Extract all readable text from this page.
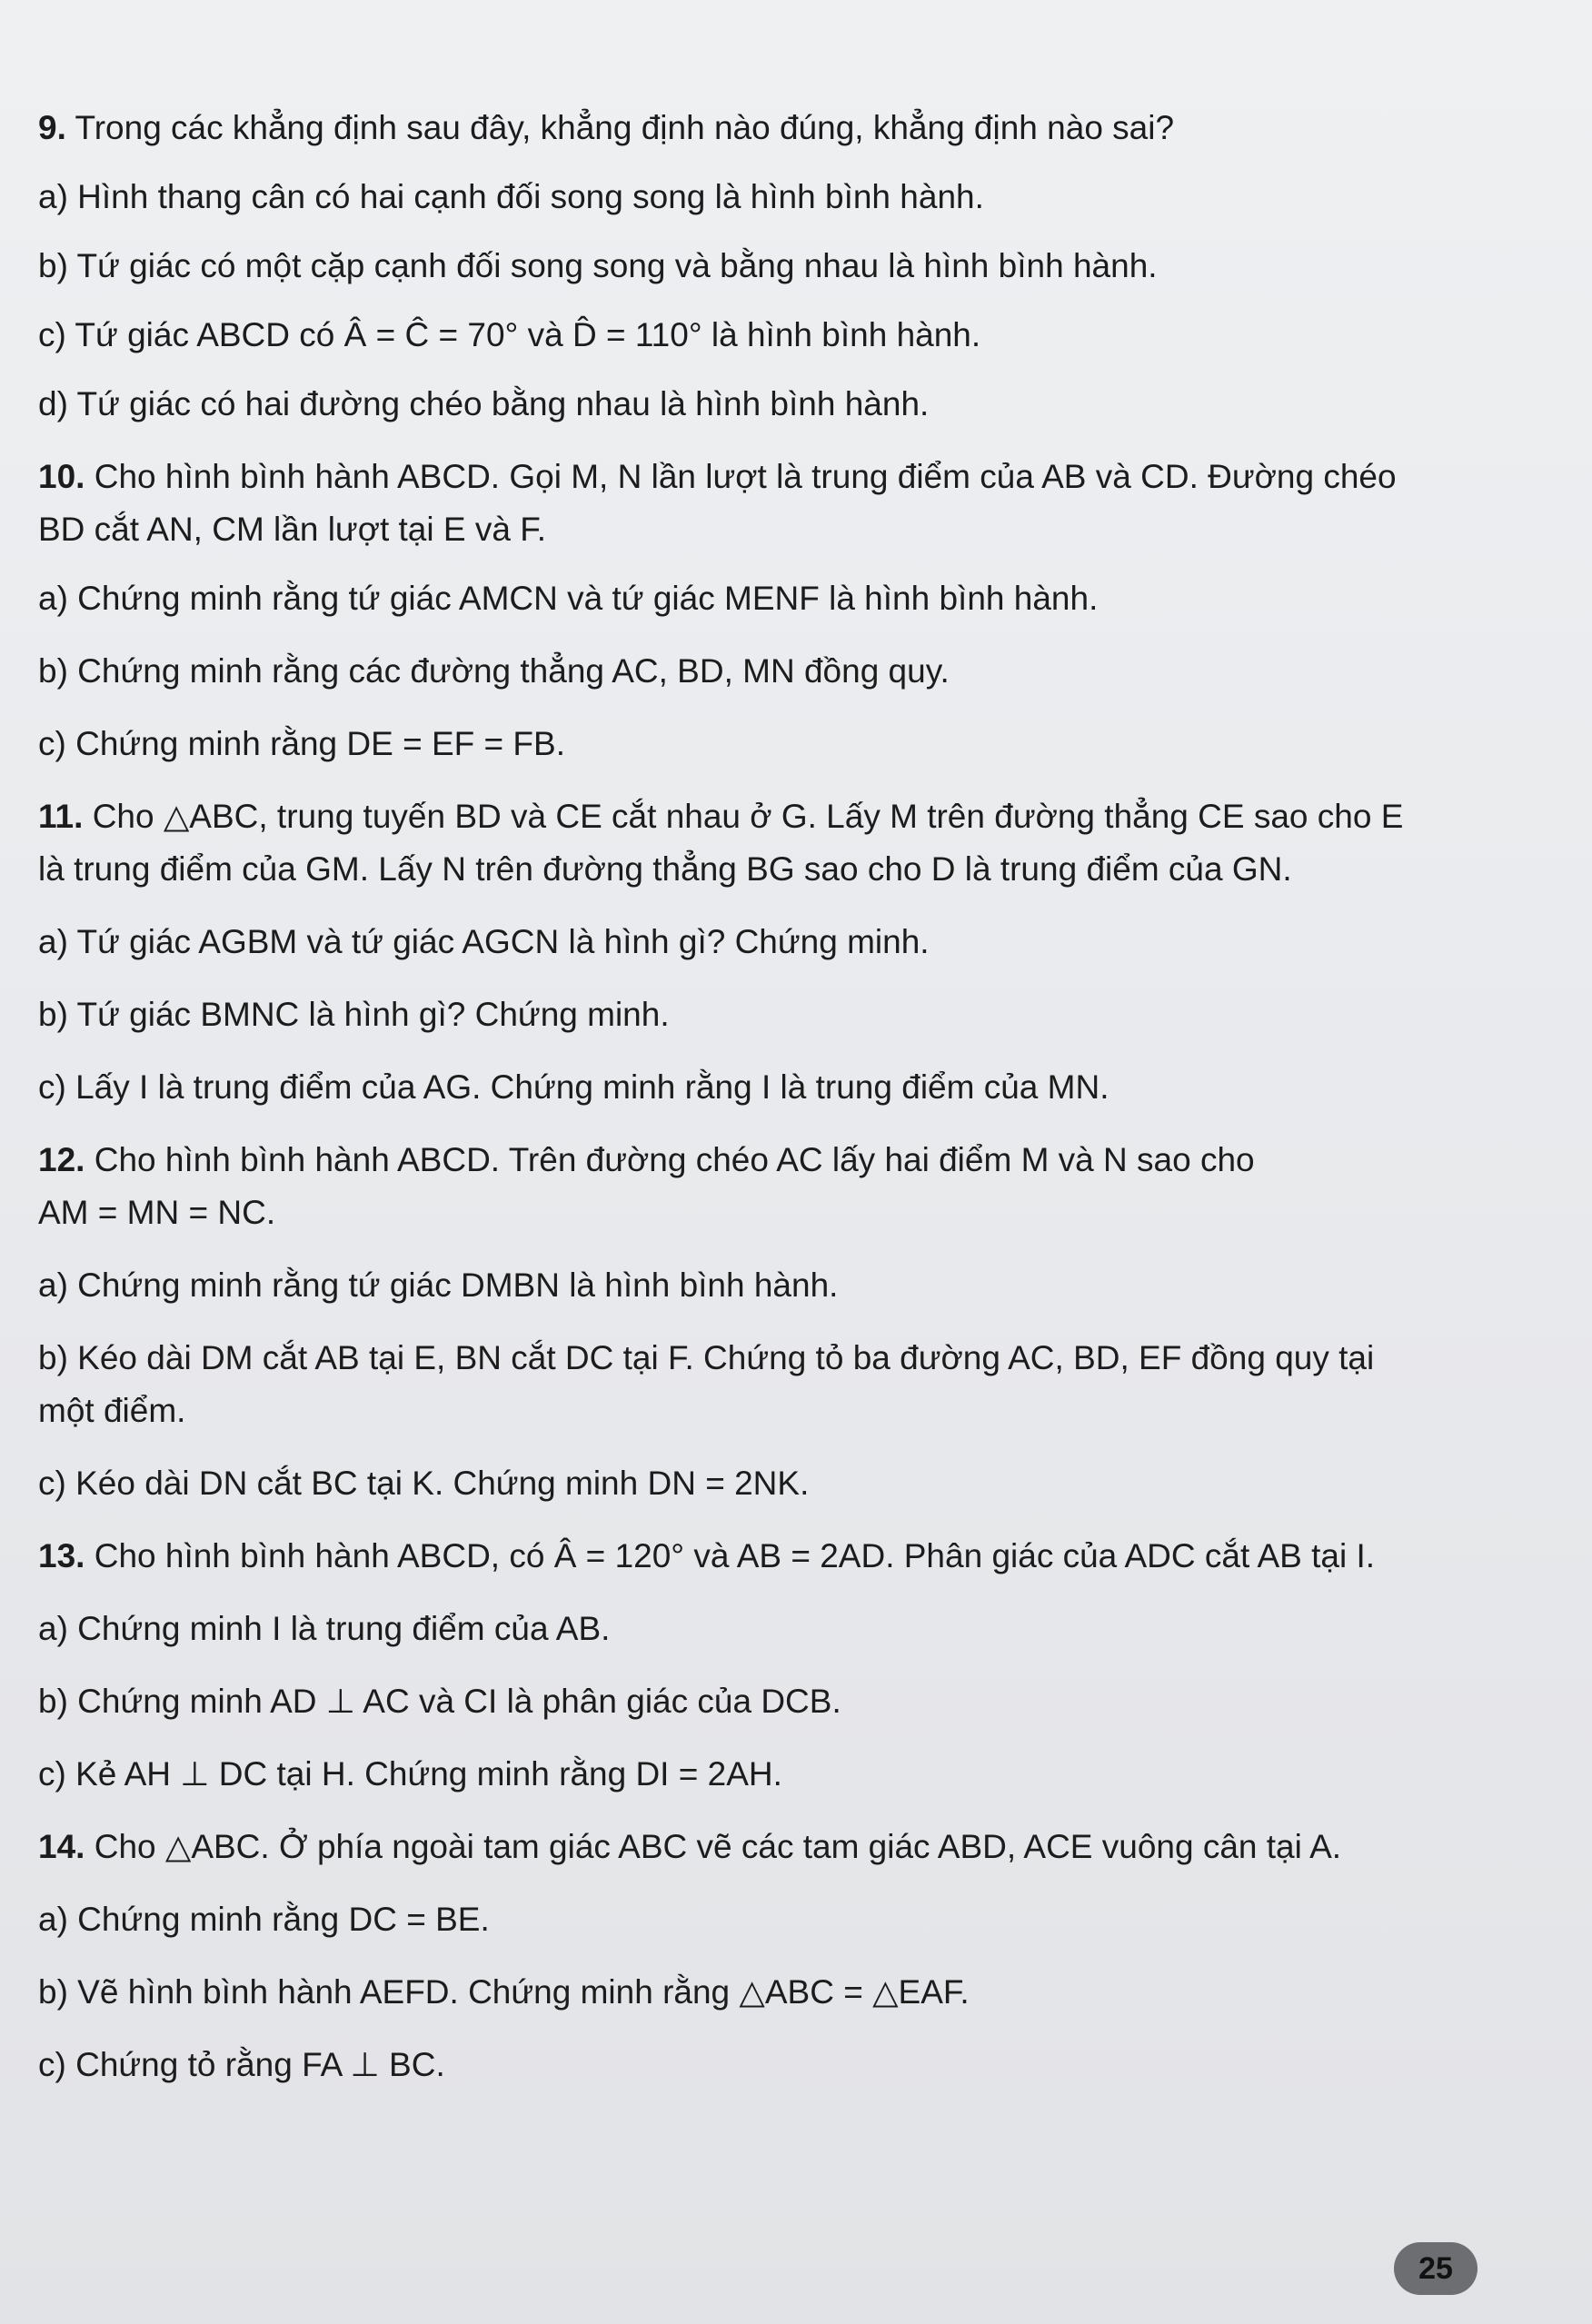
9. Trong các khẳng định sau đây, khẳng định nào đúng, khẳng định nào sai?

a) Hình thang cân có hai cạnh đối song song là hình bình hành.

b) Tứ giác có một cặp cạnh đối song song và bằng nhau là hình bình hành.

c) Tứ giác ABCD có Â = Ĉ = 70° và D̂ = 110° là hình bình hành.

d) Tứ giác có hai đường chéo bằng nhau là hình bình hành.

10. Cho hình bình hành ABCD. Gọi M, N lần lượt là trung điểm của AB và CD. Đường chéo

BD cắt AN, CM lần lượt tại E và F.

a) Chứng minh rằng tứ giác AMCN và tứ giác MENF là hình bình hành.

b) Chứng minh rằng các đường thẳng AC, BD, MN đồng quy.

c) Chứng minh rằng DE = EF = FB.

11. Cho △ABC, trung tuyến BD và CE cắt nhau ở G. Lấy M trên đường thẳng CE sao cho E

là trung điểm của GM. Lấy N trên đường thẳng BG sao cho D là trung điểm của GN.

a) Tứ giác AGBM và tứ giác AGCN là hình gì? Chứng minh.

b) Tứ giác BMNC là hình gì? Chứng minh.

c) Lấy I là trung điểm của AG. Chứng minh rằng I là trung điểm của MN.

12. Cho hình bình hành ABCD. Trên đường chéo AC lấy hai điểm M và N sao cho

AM = MN = NC.

a) Chứng minh rằng tứ giác DMBN là hình bình hành.

b) Kéo dài DM cắt AB tại E, BN cắt DC tại F. Chứng tỏ ba đường AC, BD, EF đồng quy tại

một điểm.

c) Kéo dài DN cắt BC tại K. Chứng minh DN = 2NK.

13. Cho hình bình hành ABCD, có Â = 120° và AB = 2AD. Phân giác của ADC cắt AB tại I.

a) Chứng minh I là trung điểm của AB.

b) Chứng minh AD ⊥ AC và CI là phân giác của DCB.

c) Kẻ AH ⊥ DC tại H. Chứng minh rằng DI = 2AH.

14. Cho △ABC. Ở phía ngoài tam giác ABC vẽ các tam giác ABD, ACE vuông cân tại A.

a) Chứng minh rằng DC = BE.

b) Vẽ hình bình hành AEFD. Chứng minh rằng △ABC = △EAF.

c) Chứng tỏ rằng FA ⊥ BC.

25
